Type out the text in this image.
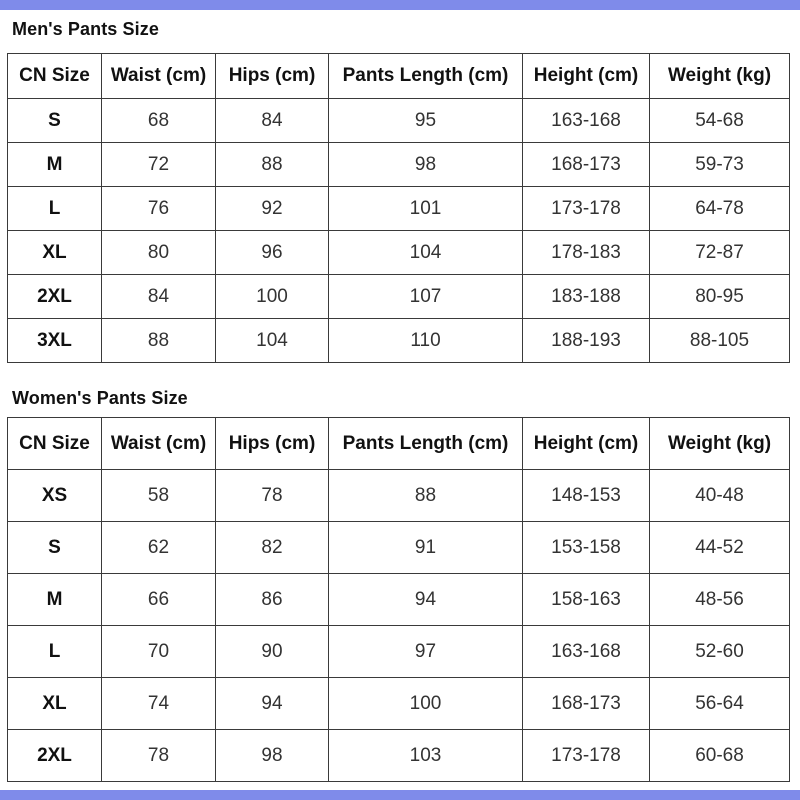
Men's Pants Size
CN Size	Waist (cm)	Hips (cm)	Pants Length (cm)	Height (cm)	Weight (kg)
S	68	84	95	163-168	54-68
M	72	88	98	168-173	59-73
L	76	92	101	173-178	64-78
XL	80	96	104	178-183	72-87
2XL	84	100	107	183-188	80-95
3XL	88	104	110	188-193	88-105
Women's Pants Size
CN Size	Waist (cm)	Hips (cm)	Pants Length (cm)	Height (cm)	Weight (kg)
XS	58	78	88	148-153	40-48
S	62	82	91	153-158	44-52
M	66	86	94	158-163	48-56
L	70	90	97	163-168	52-60
XL	74	94	100	168-173	56-64
2XL	78	98	103	173-178	60-68
